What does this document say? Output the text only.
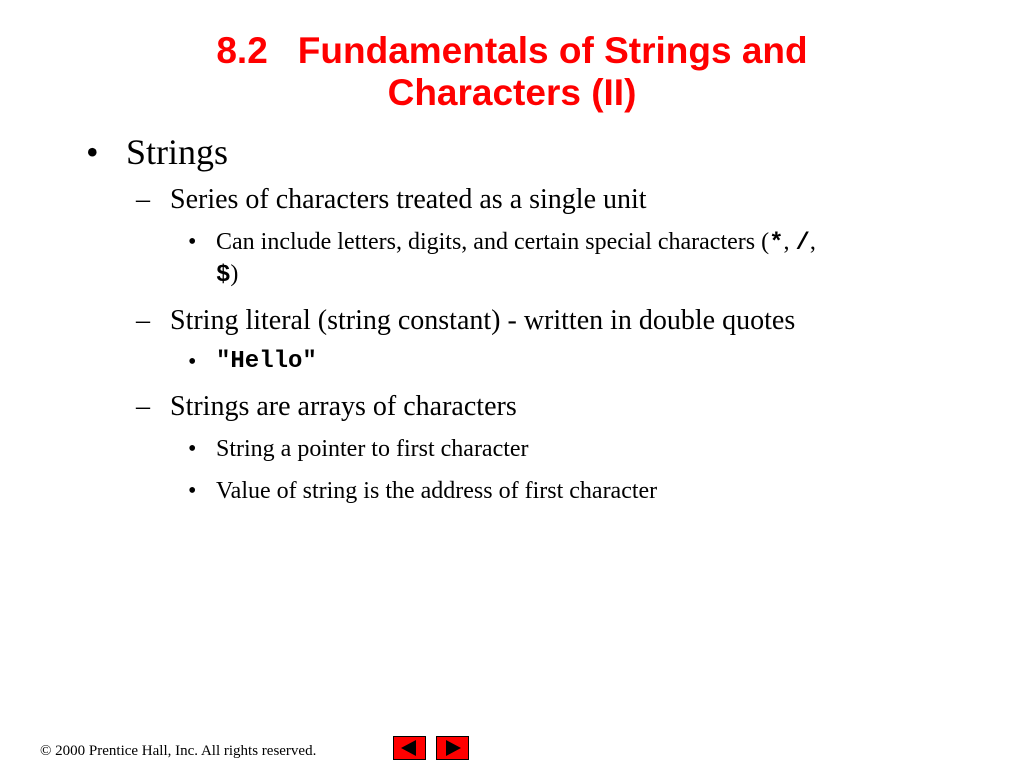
8.2 Fundamentals of Strings and
Characters (II)
• Strings
– Series of characters treated as a single unit
• Can include letters, digits, and certain special characters (*, /,
$)
– String literal (string constant) - written in double quotes
• "Hello"
– Strings are arrays of characters
• String a pointer to first character
• Value of string is the address of first character
© 2000 Prentice Hall, Inc. All rights reserved.
